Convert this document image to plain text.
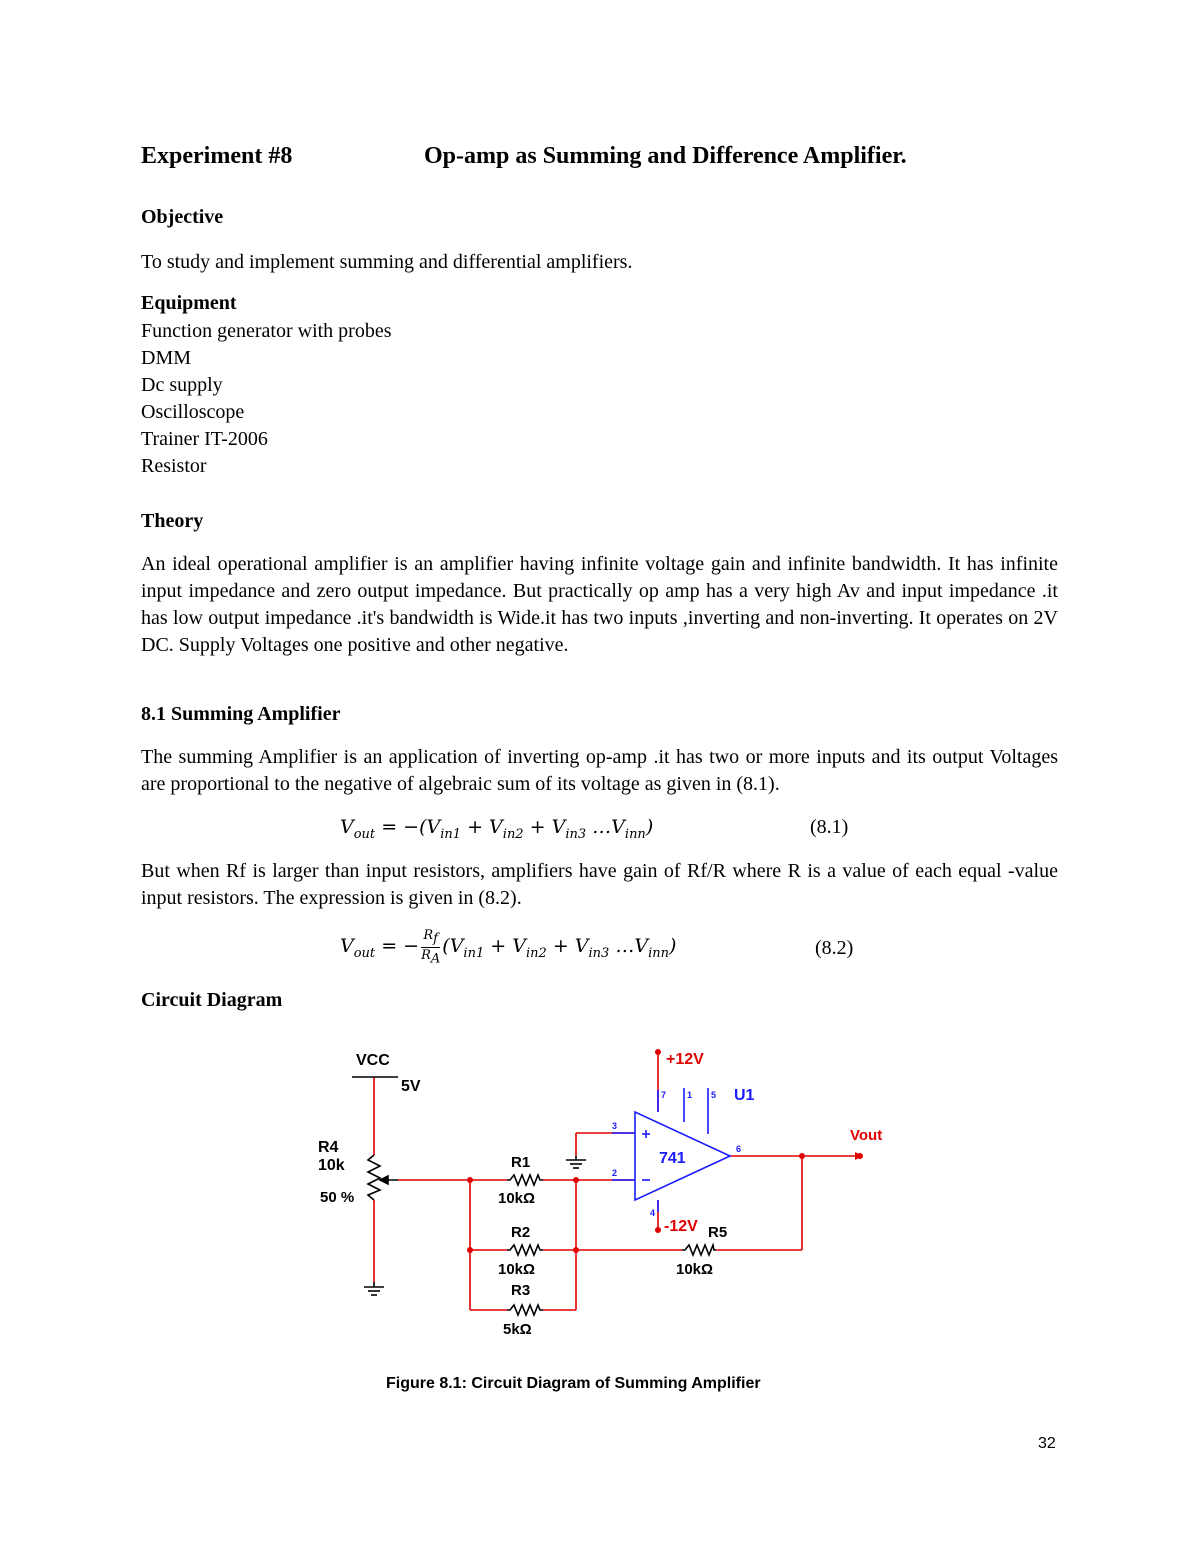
Experiment #8	Op-amp as Summing and Difference Amplifier.
Objective
To study and implement summing and differential amplifiers.
Equipment
Function generator with probes
DMM
Dc supply
Oscilloscope
Trainer IT-2006
Resistor
Theory
An ideal operational amplifier is an amplifier having infinite voltage gain and infinite bandwidth. It has infinite input impedance and zero output impedance. But practically op amp has a very high Av and input impedance .it has low output impedance .it's bandwidth is Wide.it has two inputs ,inverting and non-inverting. It operates on 2V DC. Supply Voltages one positive and other negative.
8.1 Summing Amplifier
The summing Amplifier is an application of inverting op-amp .it has two or more inputs and its output Voltages are proportional to the negative of algebraic sum of its voltage as given in (8.1).
$V_{out} = -(V_{in1} + V_{in2} + V_{in3}$ $\dots V_{inn}$)	(8.1)
But when Rf is larger than input resistors, amplifiers have gain of Rf/R where R is a value of each equal -value input resistors. The expression is given in (8.2).
$V_{out}$ = − $\frac{R_f}{R_A} (V_{in1} + V_{in2} + V_{in3}$ $\dots V_{inn}$)	(8.2)
Circuit Diagram
VCC
5V
R4
10k
50 %
R1
10kΩ
R2
10kΩ
R3
5kΩ
R5
10kΩ
+12V
-12V
Vout
U1
741
3
2
7 1 5
6
4
Figure 8.1: Circuit Diagram of Summing Amplifier
32
